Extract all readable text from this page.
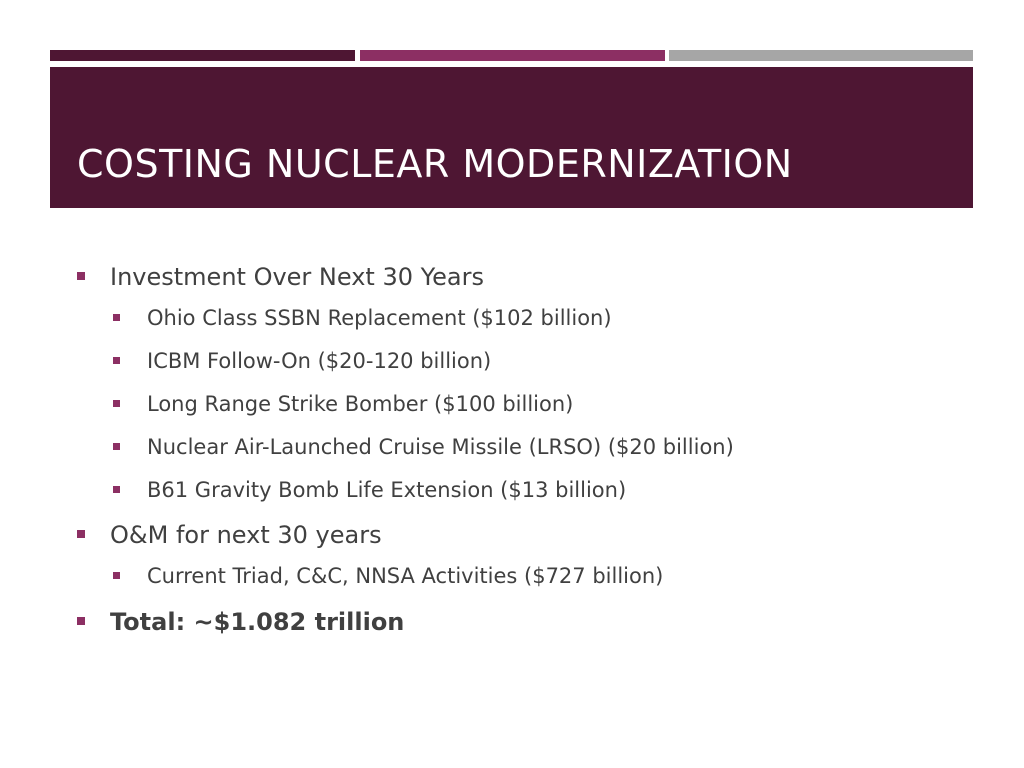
COSTING NUCLEAR MODERNIZATION
Investment Over Next 30 Years
Ohio Class SSBN Replacement ($102 billion)
ICBM Follow-On ($20-120 billion)
Long Range Strike Bomber ($100 billion)
Nuclear Air-Launched Cruise Missile (LRSO) ($20 billion)
B61 Gravity Bomb Life Extension ($13 billion)
O&M for next 30 years
Current Triad, C&C, NNSA Activities ($727 billion)
Total: ~$1.082 trillion
